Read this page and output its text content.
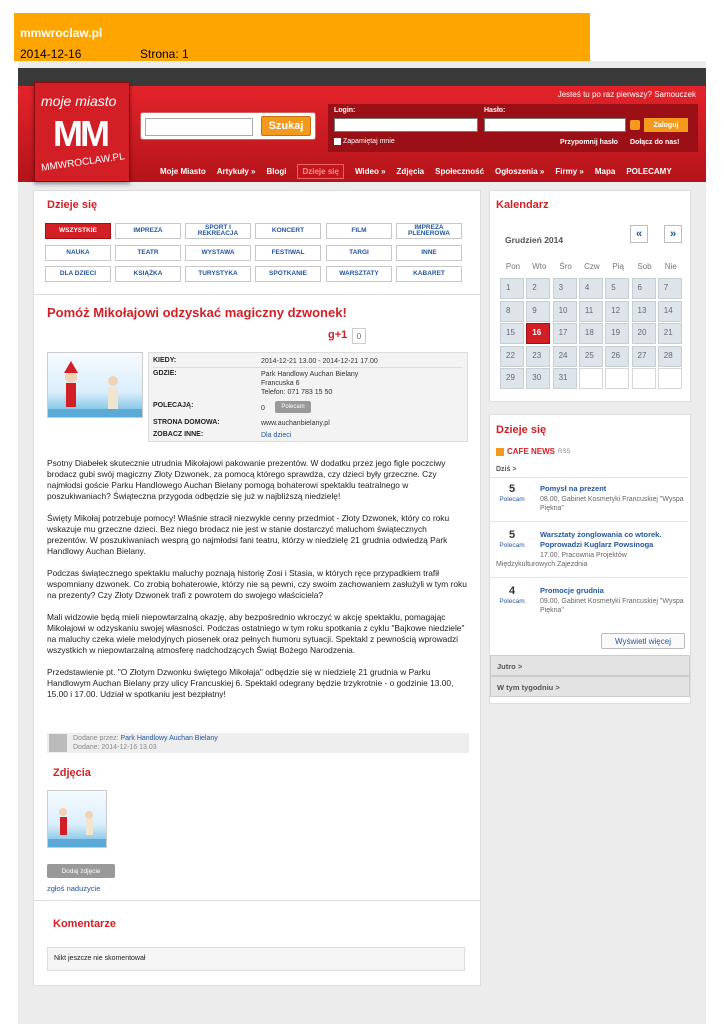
mmwroclaw.pl
2014-12-16	Strona: 1
moje miasto
MM
MMWROCLAW.PL
Jesteś tu po raz pierwszy? Samouczek
Szukaj
Login:	Hasło:
Zaloguj
Zapamiętaj mnie	Przypomnij hasło Dołącz do nas!
Moje Miasto Artykuły » Blogi	Dzieje się	Wideo » Zdjęcia Społeczność Ogłoszenia » Firmy » Mapa POLECAMY
Dzieje się
WSZYSTKIE	IMPREZA	SPORT I REKREACJA	KONCERT	FILM	IMPREZA PLENEROWA
NAUKA	TEATR	WYSTAWA	FESTIWAL	TARGI	INNE
DLA DZIECI	KSIĄŻKA	TURYSTYKA	SPOTKANIE	WARSZTATY	KABARET
Pomóż Mikołajowi odzyskać magiczny dzwonek!
g+1	0
KIEDY:	2014-12-21 13.00 - 2014-12-21 17.00
GDZIE:	Park Handlowy Auchan Bielany
Francuska 6
Telefon: 071 783 15 50
POLECAJĄ:	0	Polecam
STRONA DOMOWA:	www.auchanbielany.pl
ZOBACZ INNE:	Dla dzieci

Psotny Diabełek skutecznie utrudnia Mikołajowi pakowanie prezentów. W dodatku przez jego figle poczciwy brodacz gubi swój magiczny Złoty Dzwonek, za pomocą którego sprawdza, czy dzieci były grzeczne. Czy najmłodsi goście Parku Handlowego Auchan Bielany pomogą bohaterowi spektaklu teatralnego w poszukiwaniach? Świąteczna przygoda odbędzie się już w najbliższą niedzielę!

Święty Mikołaj potrzebuje pomocy! Właśnie stracił niezwykle cenny przedmiot - Złoty Dzwonek, który co roku wskazuje mu grzeczne dzieci. Bez niego brodacz nie jest w stanie dostarczyć maluchom świątecznych prezentów. W poszukiwaniach wesprą go najmłodsi fani teatru, którzy w niedzielę 21 grudnia odwiedzą Park Handlowy Auchan Bielany.

Podczas świątecznego spektaklu maluchy poznają historię Zosi i Stasia, w których ręce przypadkiem trafił wspomniany dzwonek. Co zrobią bohaterowie, którzy nie są pewni, czy swoim zachowaniem zasłużyli w tym roku na prezenty? Czy Złoty Dzwonek trafi z powrotem do swojego właściciela?

Mali widzowie będą mieli niepowtarzalną okazję, aby bezpośrednio wkroczyć w akcję spektaklu, pomagając Mikołajowi w odzyskaniu swojej własności. Podczas ostatniego w tym roku spotkania z cyklu "Bajkowe niedziele" na maluchy czeka wiele melodyjnych piosenek oraz pełnych humoru sytuacji. Spektakl z pewnością wprowadzi wszystkich w niepowtarzalną atmosferę nadchodzących Świąt Bożego Narodzenia.

Przedstawienie pt. "O Złotym Dzwonku świętego Mikołaja" odbędzie się w niedzielę 21 grudnia w Parku Handlowym Auchan Bielany przy ulicy Francuskiej 6. Spektakl odegrany będzie trzykrotnie - o godzinie 13.00, 15.00 i 17.00. Udział w spotkaniu jest bezpłatny!

Dodane przez: Park Handlowy Auchan Bielany
Dodane: 2014-12-16 13.03
Zdjęcia
Dodaj zdjęcie
zgłoś nadużycie
Komentarze
Nikt jeszcze nie skomentował
Kalendarz
Grudzień 2014	«	»
Pon	Wto	Śro	Czw	Pią	Sob	Nie
1	2	3	4	5	6	7
8	9	10	11	12	13	14
15	16	17	18	19	20	21
22	23	24	25	26	27	28
29	30	31
Dzieje się
CAFE NEWS RSS
Dziś >
5
Polecam
Pomysł na prezent
08.00, Gabinet Kosmetyki Francuskiej "Wyspa
Piękna"
5
Polecam
Warsztaty żonglowania co wtorek.
Poprowadzi Kuglarz Powsinoga
17.00, Pracownia Projektów
Międzykulturowych Zajezdnia
4
Polecam
Promocje grudnia
09.00, Gabinet Kosmetyki Francuskiej "Wyspa
Piękna"
Wyświetl więcej
Jutro >
W tym tygodniu >
